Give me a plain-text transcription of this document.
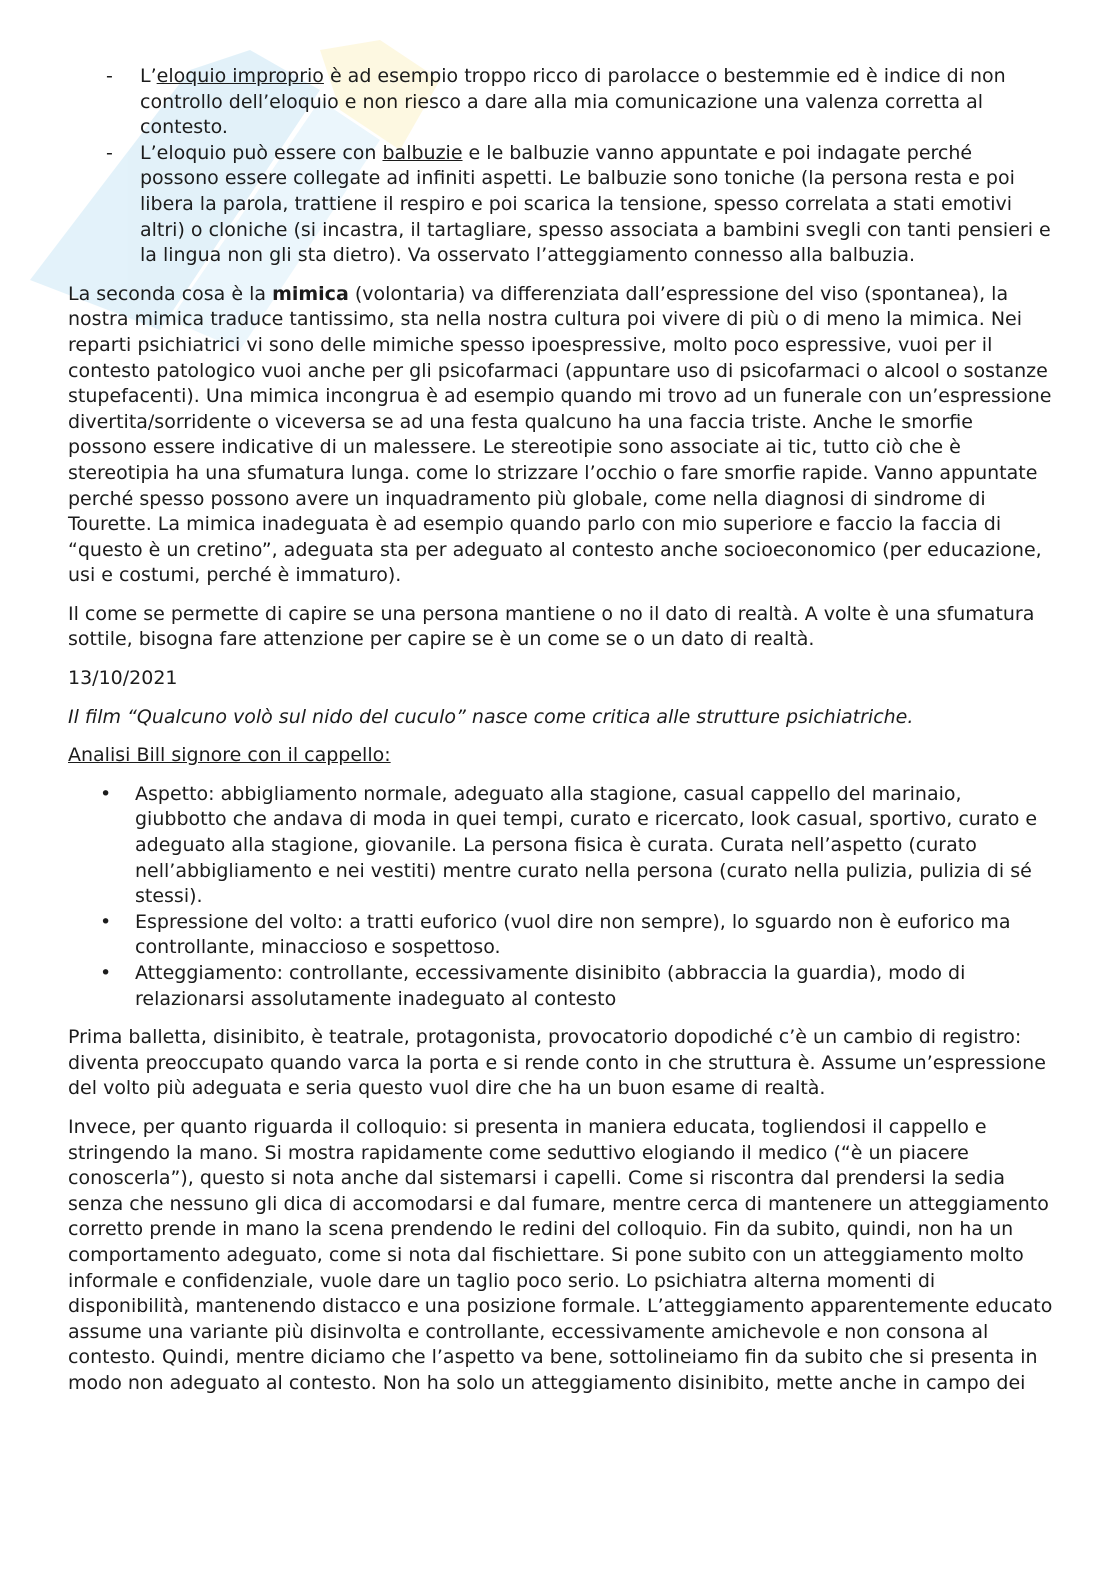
- L’eloquio improprio è ad esempio troppo ricco di parolacce o bestemmie ed è indice di non controllo dell’eloquio e non riesco a dare alla mia comunicazione una valenza corretta al contesto.
- L’eloquio può essere con balbuzie e le balbuzie vanno appuntate e poi indagate perché possono essere collegate ad infiniti aspetti. Le balbuzie sono toniche (la persona resta e poi libera la parola, trattiene il respiro e poi scarica la tensione, spesso correlata a stati emotivi altri) o cloniche (si incastra, il tartagliare, spesso associata a bambini svegli con tanti pensieri e la lingua non gli sta dietro). Va osservato l’atteggiamento connesso alla balbuzia.

La seconda cosa è la mimica (volontaria) va differenziata dall’espressione del viso (spontanea), la nostra mimica traduce tantissimo, sta nella nostra cultura poi vivere di più o di meno la mimica. Nei reparti psichiatrici vi sono delle mimiche spesso ipoespressive, molto poco espressive, vuoi per il contesto patologico vuoi anche per gli psicofarmaci (appuntare uso di psicofarmaci o alcool o sostanze stupefacenti). Una mimica incongrua è ad esempio quando mi trovo ad un funerale con un’espressione divertita/sorridente o viceversa se ad una festa qualcuno ha una faccia triste. Anche le smorfie possono essere indicative di un malessere. Le stereotipie sono associate ai tic, tutto ciò che è stereotipia ha una sfumatura lunga. come lo strizzare l’occhio o fare smorfie rapide. Vanno appuntate perché spesso possono avere un inquadramento più globale, come nella diagnosi di sindrome di Tourette. La mimica inadeguata è ad esempio quando parlo con mio superiore e faccio la faccia di “questo è un cretino”, adeguata sta per adeguato al contesto anche socioeconomico (per educazione, usi e costumi, perché è immaturo).

Il come se permette di capire se una persona mantiene o no il dato di realtà. A volte è una sfumatura sottile, bisogna fare attenzione per capire se è un come se o un dato di realtà.

13/10/2021

Il film “Qualcuno volò sul nido del cuculo” nasce come critica alle strutture psichiatriche.

Analisi Bill signore con il cappello:

• Aspetto: abbigliamento normale, adeguato alla stagione, casual cappello del marinaio, giubbotto che andava di moda in quei tempi, curato e ricercato, look casual, sportivo, curato e adeguato alla stagione, giovanile. La persona fisica è curata. Curata nell’aspetto (curato nell’abbigliamento e nei vestiti) mentre curato nella persona (curato nella pulizia, pulizia di sé stessi).
• Espressione del volto: a tratti euforico (vuol dire non sempre), lo sguardo non è euforico ma controllante, minaccioso e sospettoso.
• Atteggiamento: controllante, eccessivamente disinibito (abbraccia la guardia), modo di relazionarsi assolutamente inadeguato al contesto

Prima balletta, disinibito, è teatrale, protagonista, provocatorio dopodiché c’è un cambio di registro: diventa preoccupato quando varca la porta e si rende conto in che struttura è. Assume un’espressione del volto più adeguata e seria questo vuol dire che ha un buon esame di realtà.

Invece, per quanto riguarda il colloquio: si presenta in maniera educata, togliendosi il cappello e stringendo la mano. Si mostra rapidamente come seduttivo elogiando il medico (“è un piacere conoscerla”), questo si nota anche dal sistemarsi i capelli. Come si riscontra dal prendersi la sedia senza che nessuno gli dica di accomodarsi e dal fumare, mentre cerca di mantenere un atteggiamento corretto prende in mano la scena prendendo le redini del colloquio. Fin da subito, quindi, non ha un comportamento adeguato, come si nota dal fischiettare. Si pone subito con un atteggiamento molto informale e confidenziale, vuole dare un taglio poco serio. Lo psichiatra alterna momenti di disponibilità, mantenendo distacco e una posizione formale. L’atteggiamento apparentemente educato assume una variante più disinvolta e controllante, eccessivamente amichevole e non consona al contesto. Quindi, mentre diciamo che l’aspetto va bene, sottolineiamo fin da subito che si presenta in modo non adeguato al contesto. Non ha solo un atteggiamento disinibito, mette anche in campo dei
